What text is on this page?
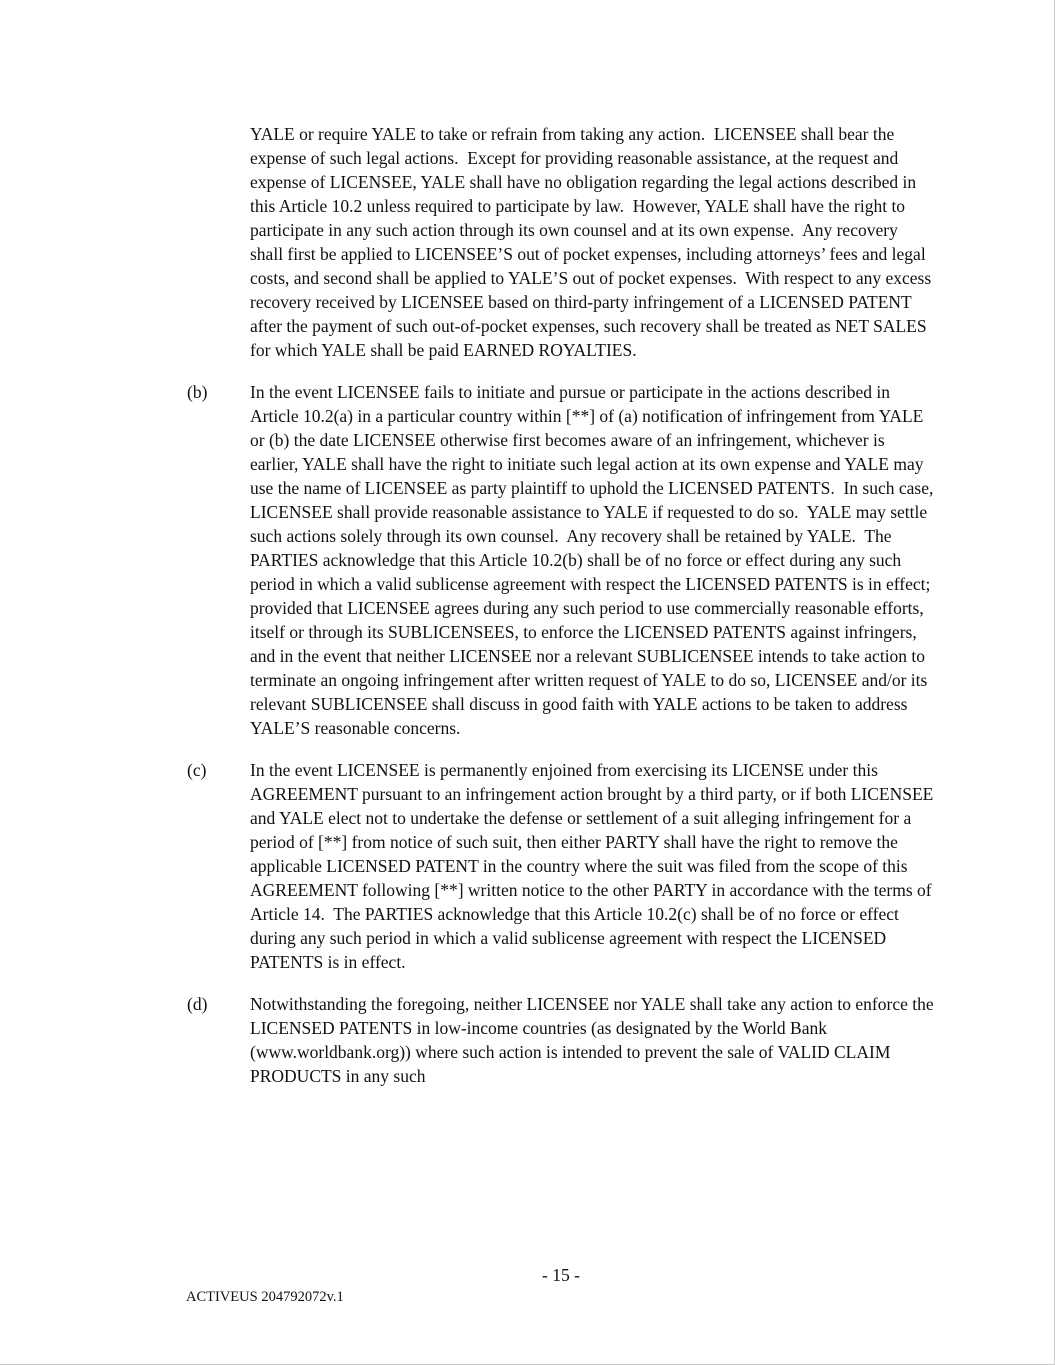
YALE or require YALE to take or refrain from taking any action.  LICENSEE shall bear the expense of such legal actions.  Except for providing reasonable assistance, at the request and expense of LICENSEE, YALE shall have no obligation regarding the legal actions described in this Article 10.2 unless required to participate by law.  However, YALE shall have the right to participate in any such action through its own counsel and at its own expense.  Any recovery shall first be applied to LICENSEE’S out of pocket expenses, including attorneys’ fees and legal costs, and second shall be applied to YALE’S out of pocket expenses.  With respect to any excess recovery received by LICENSEE based on third-party infringement of a LICENSED PATENT after the payment of such out-of-pocket expenses, such recovery shall be treated as NET SALES for which YALE shall be paid EARNED ROYALTIES.
(b)	In the event LICENSEE fails to initiate and pursue or participate in the actions described in Article 10.2(a) in a particular country within [**] of (a) notification of infringement from YALE or (b) the date LICENSEE otherwise first becomes aware of an infringement, whichever is earlier, YALE shall have the right to initiate such legal action at its own expense and YALE may use the name of LICENSEE as party plaintiff to uphold the LICENSED PATENTS.  In such case, LICENSEE shall provide reasonable assistance to YALE if requested to do so.  YALE may settle such actions solely through its own counsel.  Any recovery shall be retained by YALE.  The PARTIES acknowledge that this Article 10.2(b) shall be of no force or effect during any such period in which a valid sublicense agreement with respect the LICENSED PATENTS is in effect; provided that LICENSEE agrees during any such period to use commercially reasonable efforts, itself or through its SUBLICENSEES, to enforce the LICENSED PATENTS against infringers, and in the event that neither LICENSEE nor a relevant SUBLICENSEE intends to take action to terminate an ongoing infringement after written request of YALE to do so, LICENSEE and/or its relevant SUBLICENSEE shall discuss in good faith with YALE actions to be taken to address YALE’S reasonable concerns.
(c)	In the event LICENSEE is permanently enjoined from exercising its LICENSE under this AGREEMENT pursuant to an infringement action brought by a third party, or if both LICENSEE and YALE elect not to undertake the defense or settlement of a suit alleging infringement for a period of [**] from notice of such suit, then either PARTY shall have the right to remove the applicable LICENSED PATENT in the country where the suit was filed from the scope of this AGREEMENT following [**] written notice to the other PARTY in accordance with the terms of Article 14.  The PARTIES acknowledge that this Article 10.2(c) shall be of no force or effect during any such period in which a valid sublicense agreement with respect the LICENSED PATENTS is in effect.
(d)	Notwithstanding the foregoing, neither LICENSEE nor YALE shall take any action to enforce the LICENSED PATENTS in low-income countries (as designated by the World Bank (www.worldbank.org)) where such action is intended to prevent the sale of VALID CLAIM PRODUCTS in any such
- 15 -
ACTIVEUS 204792072v.1
